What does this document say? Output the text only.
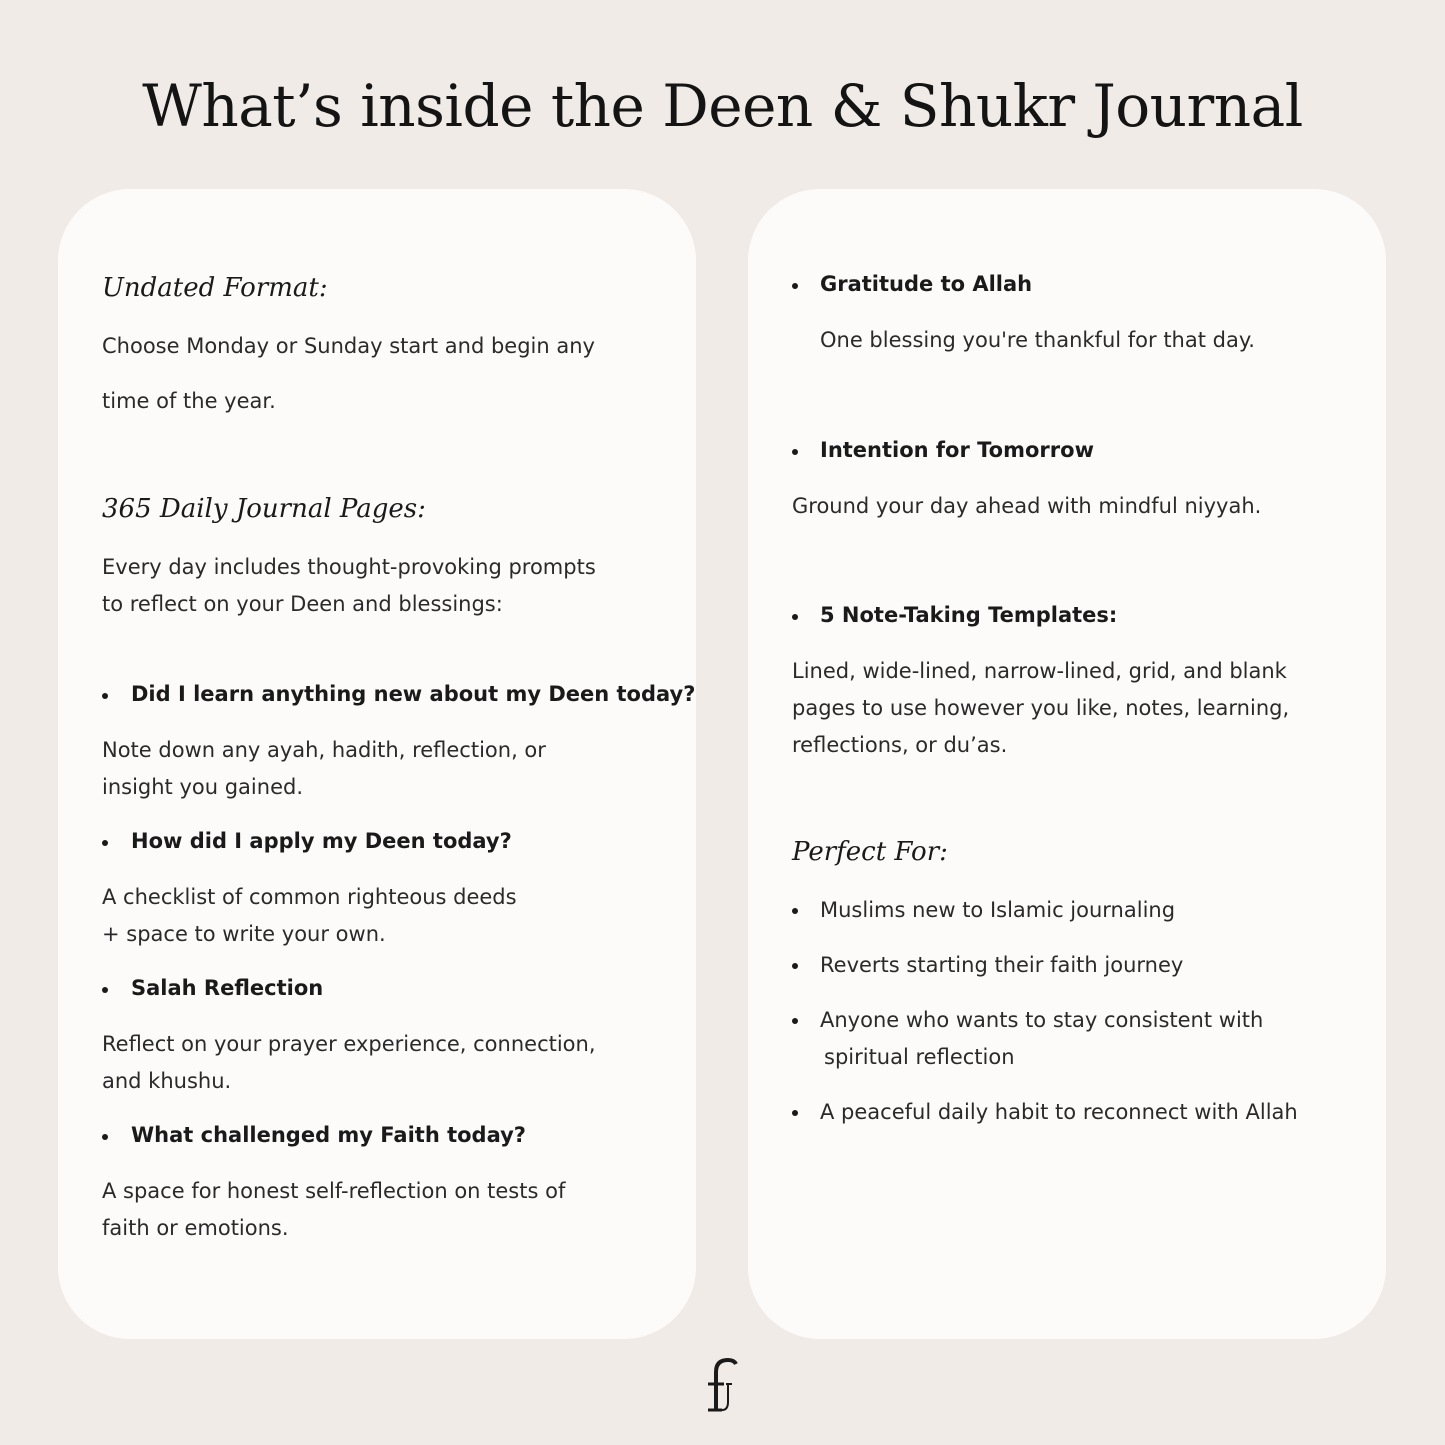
What’s inside the Deen & Shukr Journal

Undated Format:

Choose Monday or Sunday start and begin any

time of the year.

365 Daily Journal Pages:

Every day includes thought-provoking prompts

to reflect on your Deen and blessings:

Did I learn anything new about my Deen today?

Note down any ayah, hadith, reflection, or

insight you gained.

How did I apply my Deen today?

A checklist of common righteous deeds

+ space to write your own.

Salah Reflection

Reflect on your prayer experience, connection,

and khushu.

What challenged my Faith today?

A space for honest self-reflection on tests of

faith or emotions.

Gratitude to Allah

One blessing you're thankful for that day.

Intention for Tomorrow

Ground your day ahead with mindful niyyah.

5 Note-Taking Templates:

Lined, wide-lined, narrow-lined, grid, and blank

pages to use however you like, notes, learning,

reflections, or du’as.

Perfect For:

Muslims new to Islamic journaling

Reverts starting their faith journey

Anyone who wants to stay consistent with

spiritual reflection

A peaceful daily habit to reconnect with Allah
